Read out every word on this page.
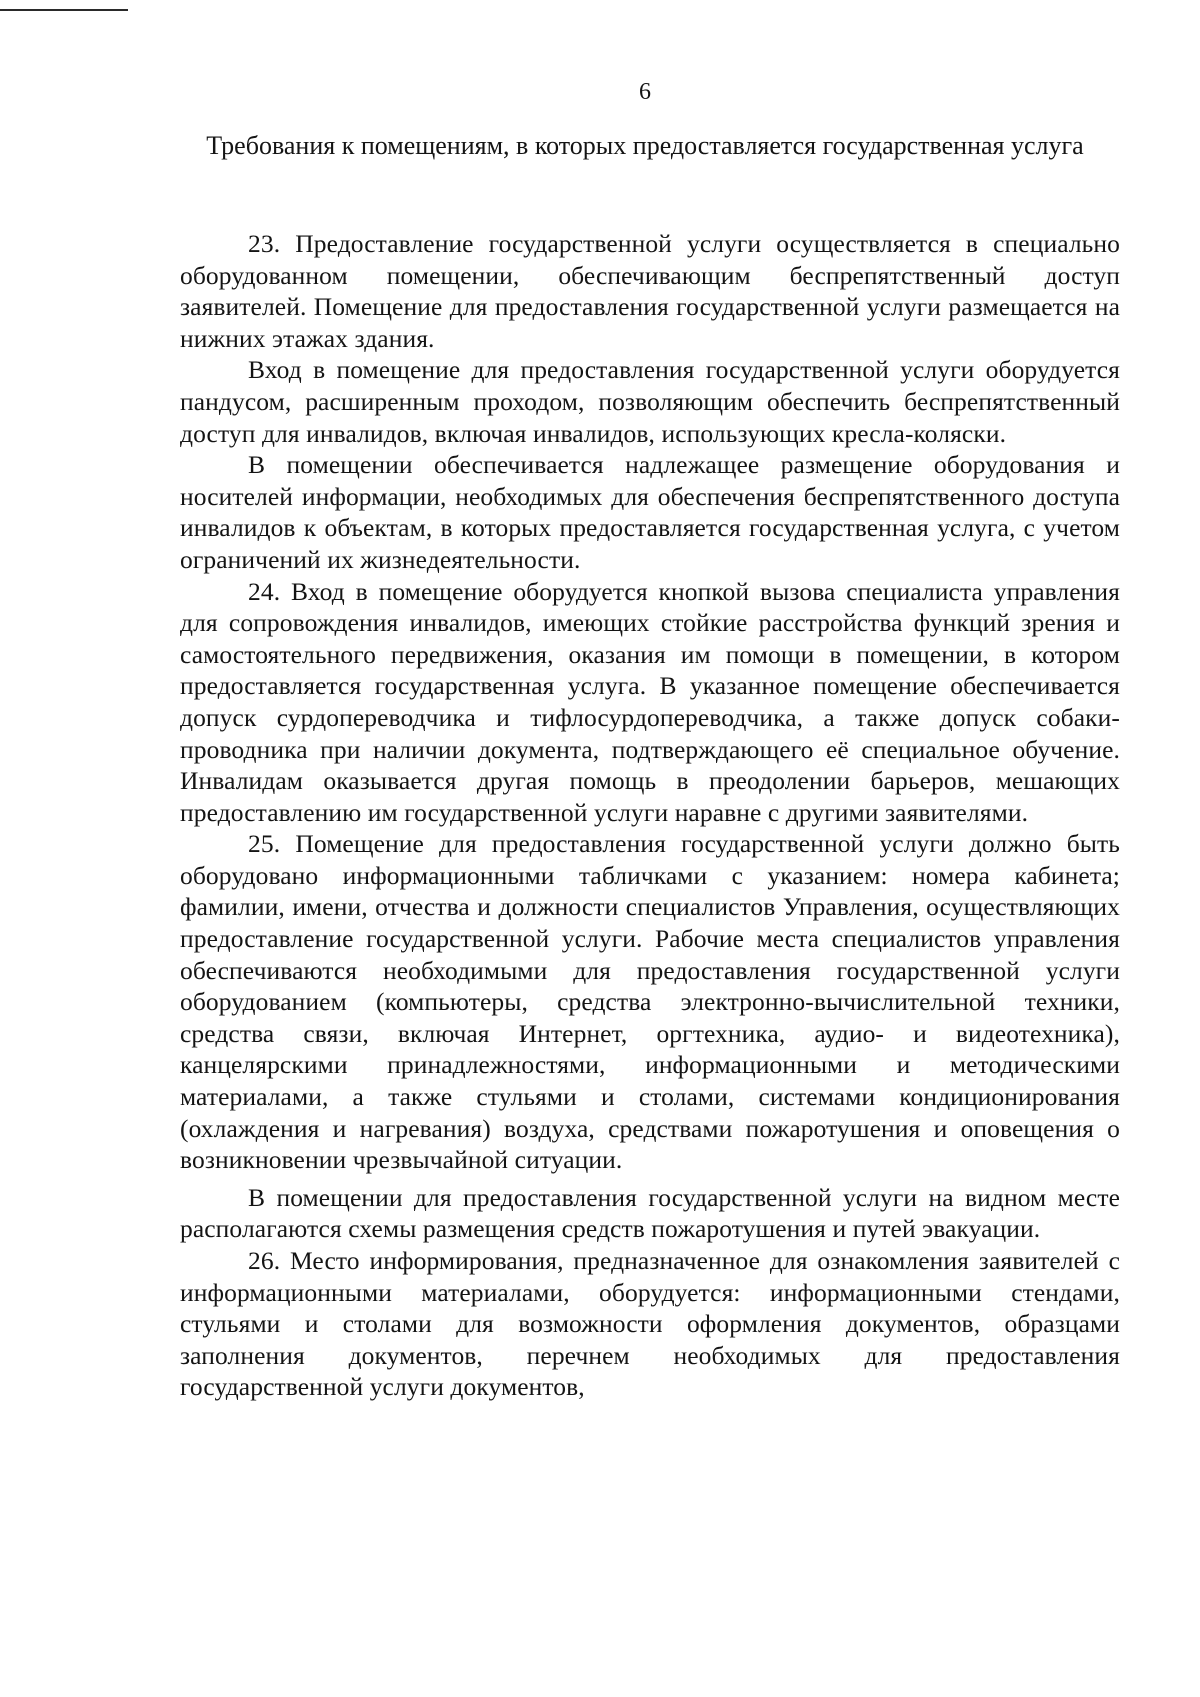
6
Требования к помещениям, в которых предоставляется государственная услуга

23. Предоставление государственной услуги осуществляется в специально оборудованном помещении, обеспечивающим беспрепятственный доступ заявителей. Помещение для предоставления государственной услуги размещается на нижних этажах здания.

Вход в помещение для предоставления государственной услуги оборудуется пандусом, расширенным проходом, позволяющим обеспечить беспрепятственный доступ для инвалидов, включая инвалидов, использующих кресла-коляски.

В помещении обеспечивается надлежащее размещение оборудования и носителей информации, необходимых для обеспечения беспрепятственного доступа инвалидов к объектам, в которых предоставляется государственная услуга, с учетом ограничений их жизнедеятельности.

24. Вход в помещение оборудуется кнопкой вызова специалиста управления для сопровождения инвалидов, имеющих стойкие расстройства функций зрения и самостоятельного передвижения, оказания им помощи в помещении, в котором предоставляется государственная услуга. В указанное помещение обеспечивается допуск сурдопереводчика и тифлосурдопереводчика, а также допуск собаки-проводника при наличии документа, подтверждающего её специальное обучение. Инвалидам оказывается другая помощь в преодолении барьеров, мешающих предоставлению им государственной услуги наравне с другими заявителями.

25. Помещение для предоставления государственной услуги должно быть оборудовано информационными табличками с указанием: номера кабинета; фамилии, имени, отчества и должности специалистов Управления, осуществляющих предоставление государственной услуги. Рабочие места специалистов управления обеспечиваются необходимыми для предоставления государственной услуги оборудованием (компьютеры, средства электронно-вычислительной техники, средства связи, включая Интернет, оргтехника, аудио- и видеотехника), канцелярскими принадлежностями, информационными и методическими материалами, а также стульями и столами, системами кондиционирования (охлаждения и нагревания) воздуха, средствами пожаротушения и оповещения о возникновении чрезвычайной ситуации.

В помещении для предоставления государственной услуги на видном месте располагаются схемы размещения средств пожаротушения и путей эвакуации.

26. Место информирования, предназначенное для ознакомления заявителей с информационными материалами, оборудуется: информационными стендами, стульями и столами для возможности оформления документов, образцами заполнения документов, перечнем необходимых для предоставления государственной услуги документов,
